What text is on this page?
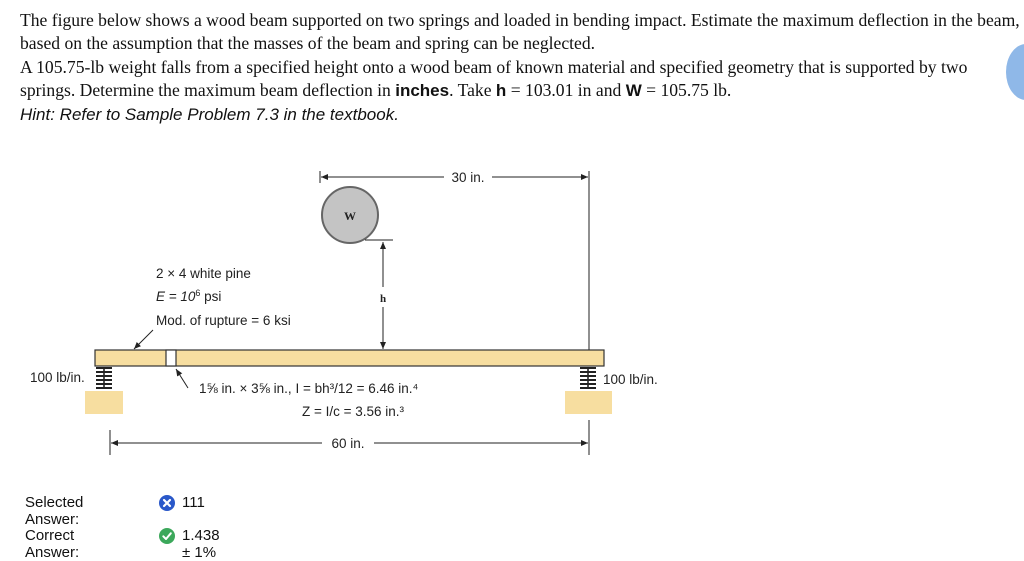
The figure below shows a wood beam supported on two springs and loaded in bending impact. Estimate the maximum deflection in the beam, based on the assumption that the masses of the beam and spring can be neglected.

A 105.75-lb weight falls from a specified height onto a wood beam of known material and specified geometry that is supported by two springs. Determine the maximum beam deflection in inches. Take h = 103.01 in and W = 105.75 lb.

Hint: Refer to Sample Problem 7.3 in the textbook.

30 in.
W
h
2 × 4 white pine
$E = 10^6$ psi
Mod. of rupture = 6 ksi
100 lb/in.	100 lb/in.
1⅝ in. × 3⅝ in., I = bh³/12 = 6.46 in.⁴
Z = I/c = 3.56 in.³
60 in.
Selected Answer:
111
Correct Answer:
1.438 ± 1%
